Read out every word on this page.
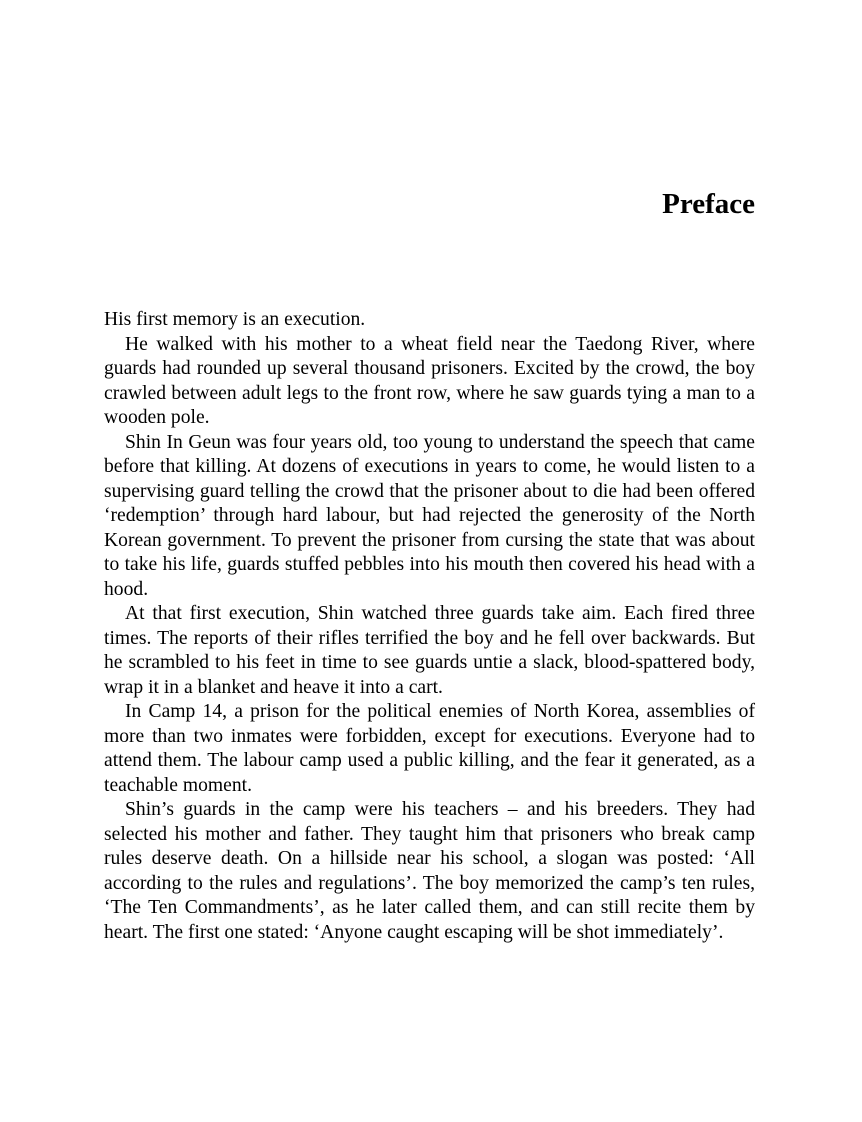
Preface

His first memory is an execution.

He walked with his mother to a wheat field near the Taedong River, where guards had rounded up several thousand prisoners. Excited by the crowd, the boy crawled between adult legs to the front row, where he saw guards tying a man to a wooden pole.

Shin In Geun was four years old, too young to understand the speech that came before that killing. At dozens of executions in years to come, he would listen to a supervising guard telling the crowd that the prisoner about to die had been offered ‘redemption’ through hard labour, but had rejected the generosity of the North Korean government. To prevent the prisoner from cursing the state that was about to take his life, guards stuffed pebbles into his mouth then covered his head with a hood.

At that first execution, Shin watched three guards take aim. Each fired three times. The reports of their rifles terrified the boy and he fell over backwards. But he scrambled to his feet in time to see guards untie a slack, blood-spattered body, wrap it in a blanket and heave it into a cart.

In Camp 14, a prison for the political enemies of North Korea, assemblies of more than two inmates were forbidden, except for executions. Everyone had to attend them. The labour camp used a public killing, and the fear it generated, as a teachable moment.

Shin’s guards in the camp were his teachers – and his breeders. They had selected his mother and father. They taught him that prisoners who break camp rules deserve death. On a hillside near his school, a slogan was posted: ‘All according to the rules and regulations’. The boy memorized the camp’s ten rules, ‘The Ten Commandments’, as he later called them, and can still recite them by heart. The first one stated: ‘Anyone caught escaping will be shot immediately’.
